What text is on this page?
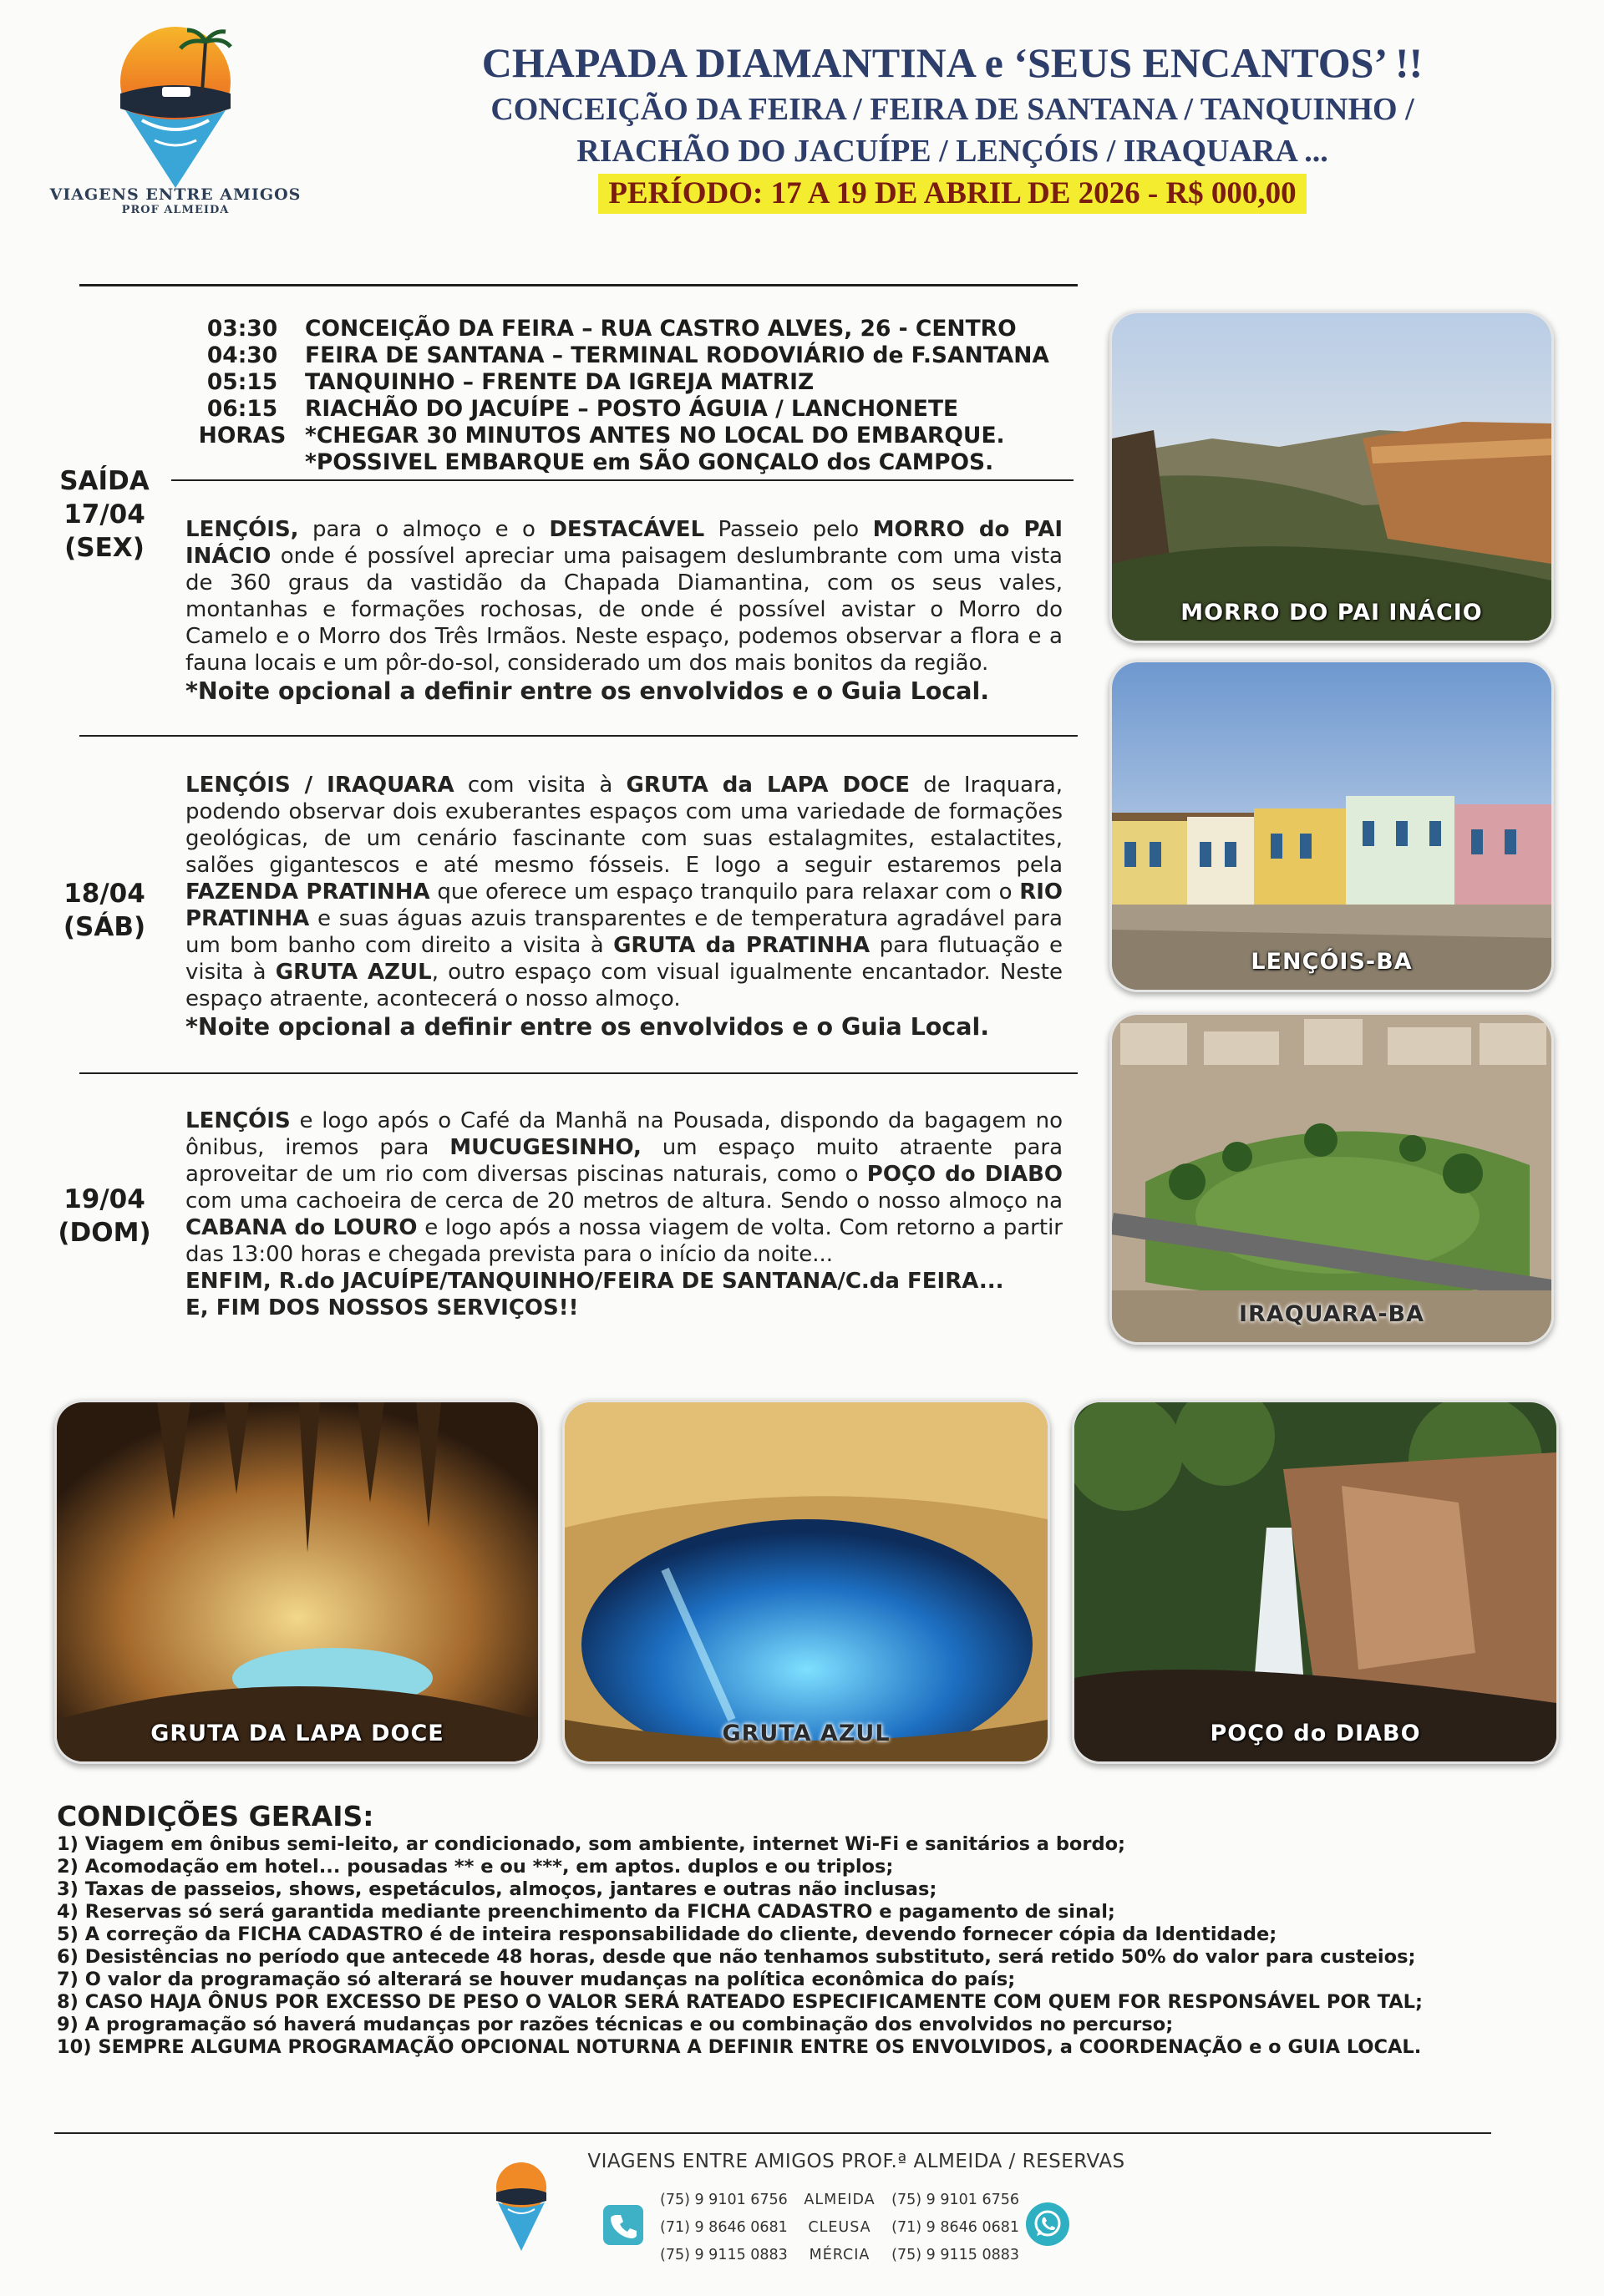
VIAGENS ENTRE AMIGOS
PROF ALMEIDA
CHAPADA DIAMANTINA e ‘SEUS ENCANTOS’ !!
CONCEIÇÃO DA FEIRA / FEIRA DE SANTANA / TANQUINHO /
RIACHÃO DO JACUÍPE / LENÇÓIS / IRAQUARA ...
PERÍODO: 17 A 19 DE ABRIL DE 2026 - R$ 000,00
03:30	CONCEIÇÃO DA FEIRA – RUA CASTRO ALVES, 26 - CENTRO
04:30	FEIRA DE SANTANA – TERMINAL RODOVIÁRIO de F.SANTANA
05:15	TANQUINHO – FRENTE DA IGREJA MATRIZ
06:15	RIACHÃO DO JACUÍPE – POSTO ÁGUIA / LANCHONETE
HORAS *CHEGAR 30 MINUTOS ANTES NO LOCAL DO EMBARQUE.
*POSSIVEL EMBARQUE em SÃO GONÇALO dos CAMPOS.
SAÍDA
17/04
(SEX)
LENÇÓIS, para o almoço e o DESTACÁVEL Passeio pelo MORRO do PAI INÁCIO onde é possível apreciar uma paisagem deslumbrante com uma vista de 360 graus da vastidão da Chapada Diamantina, com os seus vales, montanhas e formações rochosas, de onde é possível avistar o Morro do Camelo e o Morro dos Três Irmãos. Neste espaço, podemos observar a flora e a fauna locais e um pôr-do-sol, considerado um dos mais bonitos da região.
*Noite opcional a definir entre os envolvidos e o Guia Local.
18/04
(SÁB)
LENÇÓIS / IRAQUARA com visita à GRUTA da LAPA DOCE de Iraquara, podendo observar dois exuberantes espaços com uma variedade de formações geológicas, de um cenário fascinante com suas estalagmites, estalactites, salões gigantescos e até mesmo fósseis. E logo a seguir estaremos pela FAZENDA PRATINHA que oferece um espaço tranquilo para relaxar com o RIO PRATINHA e suas águas azuis transparentes e de temperatura agradável para um bom banho com direito a visita à GRUTA da PRATINHA para flutuação e visita à GRUTA AZUL, outro espaço com visual igualmente encantador. Neste espaço atraente, acontecerá o nosso almoço.
*Noite opcional a definir entre os envolvidos e o Guia Local.
19/04
(DOM)
LENÇÓIS e logo após o Café da Manhã na Pousada, dispondo da bagagem no ônibus, iremos para MUCUGESINHO, um espaço muito atraente para aproveitar de um rio com diversas piscinas naturais, como o POÇO do DIABO com uma cachoeira de cerca de 20 metros de altura. Sendo o nosso almoço na CABANA do LOURO e logo após a nossa viagem de volta. Com retorno a partir das 13:00 horas e chegada prevista para o início da noite...
ENFIM, R.do JACUÍPE/TANQUINHO/FEIRA DE SANTANA/C.da FEIRA...
E, FIM DOS NOSSOS SERVIÇOS!!
MORRO DO PAI INÁCIO
LENÇÓIS-BA
IRAQUARA-BA
GRUTA DA LAPA DOCE	GRUTA AZUL	POÇO do DIABO
CONDIÇÕES GERAIS:
1) Viagem em ônibus semi-leito, ar condicionado, som ambiente, internet Wi-Fi e sanitários a bordo;
2) Acomodação em hotel... pousadas ** e ou ***, em aptos. duplos e ou triplos;
3) Taxas de passeios, shows, espetáculos, almoços, jantares e outras não inclusas;
4) Reservas só será garantida mediante preenchimento da FICHA CADASTRO e pagamento de sinal;
5) A correção da FICHA CADASTRO é de inteira responsabilidade do cliente, devendo fornecer cópia da Identidade;
6) Desistências no período que antecede 48 horas, desde que não tenhamos substituto, será retido 50% do valor para custeios;
7) O valor da programação só alterará se houver mudanças na política econômica do país;
8) CASO HAJA ÔNUS POR EXCESSO DE PESO O VALOR SERÁ RATEADO ESPECIFICAMENTE COM QUEM FOR RESPONSÁVEL POR TAL;
9) A programação só haverá mudanças por razões técnicas e ou combinação dos envolvidos no percurso;
10) SEMPRE ALGUMA PROGRAMAÇÃO OPCIONAL NOTURNA A DEFINIR ENTRE OS ENVOLVIDOS, a COORDENAÇÃO e o GUIA LOCAL.
VIAGENS ENTRE AMIGOS PROF.ª ALMEIDA / RESERVAS
(75) 9 9101 6756 ALMEIDA (75) 9 9101 6756
(71) 9 8646 0681 CLEUSA (71) 9 8646 0681
(75) 9 9115 0883 MÉRCIA (75) 9 9115 0883
